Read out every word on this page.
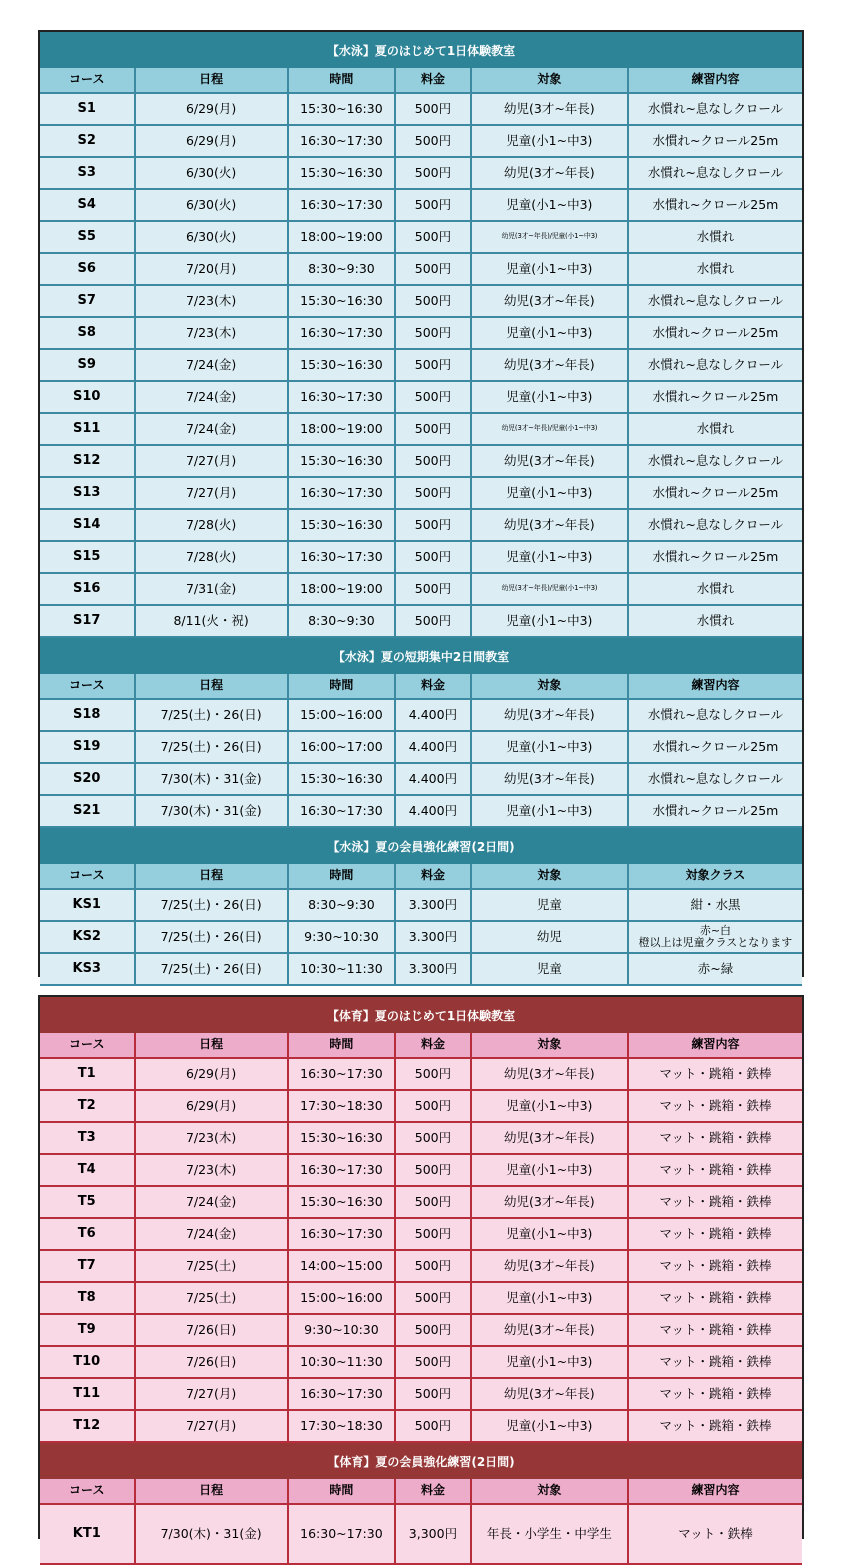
【水泳】夏のはじめて1日体験教室
コース	日程	時間	料金	対象	練習内容
S1	6/29(月)	15:30~16:30	500円	幼児(3才~年長)	水慣れ~息なしクロール
S2	6/29(月)	16:30~17:30	500円	児童(小1~中3)	水慣れ~クロール25m
S3	6/30(火)	15:30~16:30	500円	幼児(3才~年長)	水慣れ~息なしクロール
S4	6/30(火)	16:30~17:30	500円	児童(小1~中3)	水慣れ~クロール25m
S5	6/30(火)	18:00~19:00	500円	幼児(3才~年長)/児童(小1~中3)	水慣れ
S6	7/20(月)	8:30~9:30	500円	児童(小1~中3)	水慣れ
S7	7/23(木)	15:30~16:30	500円	幼児(3才~年長)	水慣れ~息なしクロール
S8	7/23(木)	16:30~17:30	500円	児童(小1~中3)	水慣れ~クロール25m
S9	7/24(金)	15:30~16:30	500円	幼児(3才~年長)	水慣れ~息なしクロール
S10	7/24(金)	16:30~17:30	500円	児童(小1~中3)	水慣れ~クロール25m
S11	7/24(金)	18:00~19:00	500円	幼児(3才~年長)/児童(小1~中3)	水慣れ
S12	7/27(月)	15:30~16:30	500円	幼児(3才~年長)	水慣れ~息なしクロール
S13	7/27(月)	16:30~17:30	500円	児童(小1~中3)	水慣れ~クロール25m
S14	7/28(火)	15:30~16:30	500円	幼児(3才~年長)	水慣れ~息なしクロール
S15	7/28(火)	16:30~17:30	500円	児童(小1~中3)	水慣れ~クロール25m
S16	7/31(金)	18:00~19:00	500円	幼児(3才~年長)/児童(小1~中3)	水慣れ
S17	8/11(火・祝)	8:30~9:30	500円	児童(小1~中3)	水慣れ
【水泳】夏の短期集中2日間教室
コース	日程	時間	料金	対象	練習内容
S18	7/25(土)・26(日)	15:00~16:00	4.400円	幼児(3才~年長)	水慣れ~息なしクロール
S19	7/25(土)・26(日)	16:00~17:00	4.400円	児童(小1~中3)	水慣れ~クロール25m
S20	7/30(木)・31(金)	15:30~16:30	4.400円	幼児(3才~年長)	水慣れ~息なしクロール
S21	7/30(木)・31(金)	16:30~17:30	4.400円	児童(小1~中3)	水慣れ~クロール25m
【水泳】夏の会員強化練習(2日間)
コース	日程	時間	料金	対象	対象クラス
KS1	7/25(土)・26(日)	8:30~9:30	3.300円	児童	紺・水黒
KS2	7/25(土)・26(日)	9:30~10:30	3.300円	幼児	赤~白
橙以上は児童クラスとなります
KS3	7/25(土)・26(日)	10:30~11:30	3.300円	児童	赤~緑
【体育】夏のはじめて1日体験教室
コース	日程	時間	料金	対象	練習内容
T1	6/29(月)	16:30~17:30	500円	幼児(3才~年長)	マット・跳箱・鉄棒
T2	6/29(月)	17:30~18:30	500円	児童(小1~中3)	マット・跳箱・鉄棒
T3	7/23(木)	15:30~16:30	500円	幼児(3才~年長)	マット・跳箱・鉄棒
T4	7/23(木)	16:30~17:30	500円	児童(小1~中3)	マット・跳箱・鉄棒
T5	7/24(金)	15:30~16:30	500円	幼児(3才~年長)	マット・跳箱・鉄棒
T6	7/24(金)	16:30~17:30	500円	児童(小1~中3)	マット・跳箱・鉄棒
T7	7/25(土)	14:00~15:00	500円	幼児(3才~年長)	マット・跳箱・鉄棒
T8	7/25(土)	15:00~16:00	500円	児童(小1~中3)	マット・跳箱・鉄棒
T9	7/26(日)	9:30~10:30	500円	幼児(3才~年長)	マット・跳箱・鉄棒
T10	7/26(日)	10:30~11:30	500円	児童(小1~中3)	マット・跳箱・鉄棒
T11	7/27(月)	16:30~17:30	500円	幼児(3才~年長)	マット・跳箱・鉄棒
T12	7/27(月)	17:30~18:30	500円	児童(小1~中3)	マット・跳箱・鉄棒
【体育】夏の会員強化練習(2日間)
コース	日程	時間	料金	対象	練習内容
KT1	7/30(木)・31(金)	16:30~17:30	3,300円	年長・小学生・中学生	マット・鉄棒
